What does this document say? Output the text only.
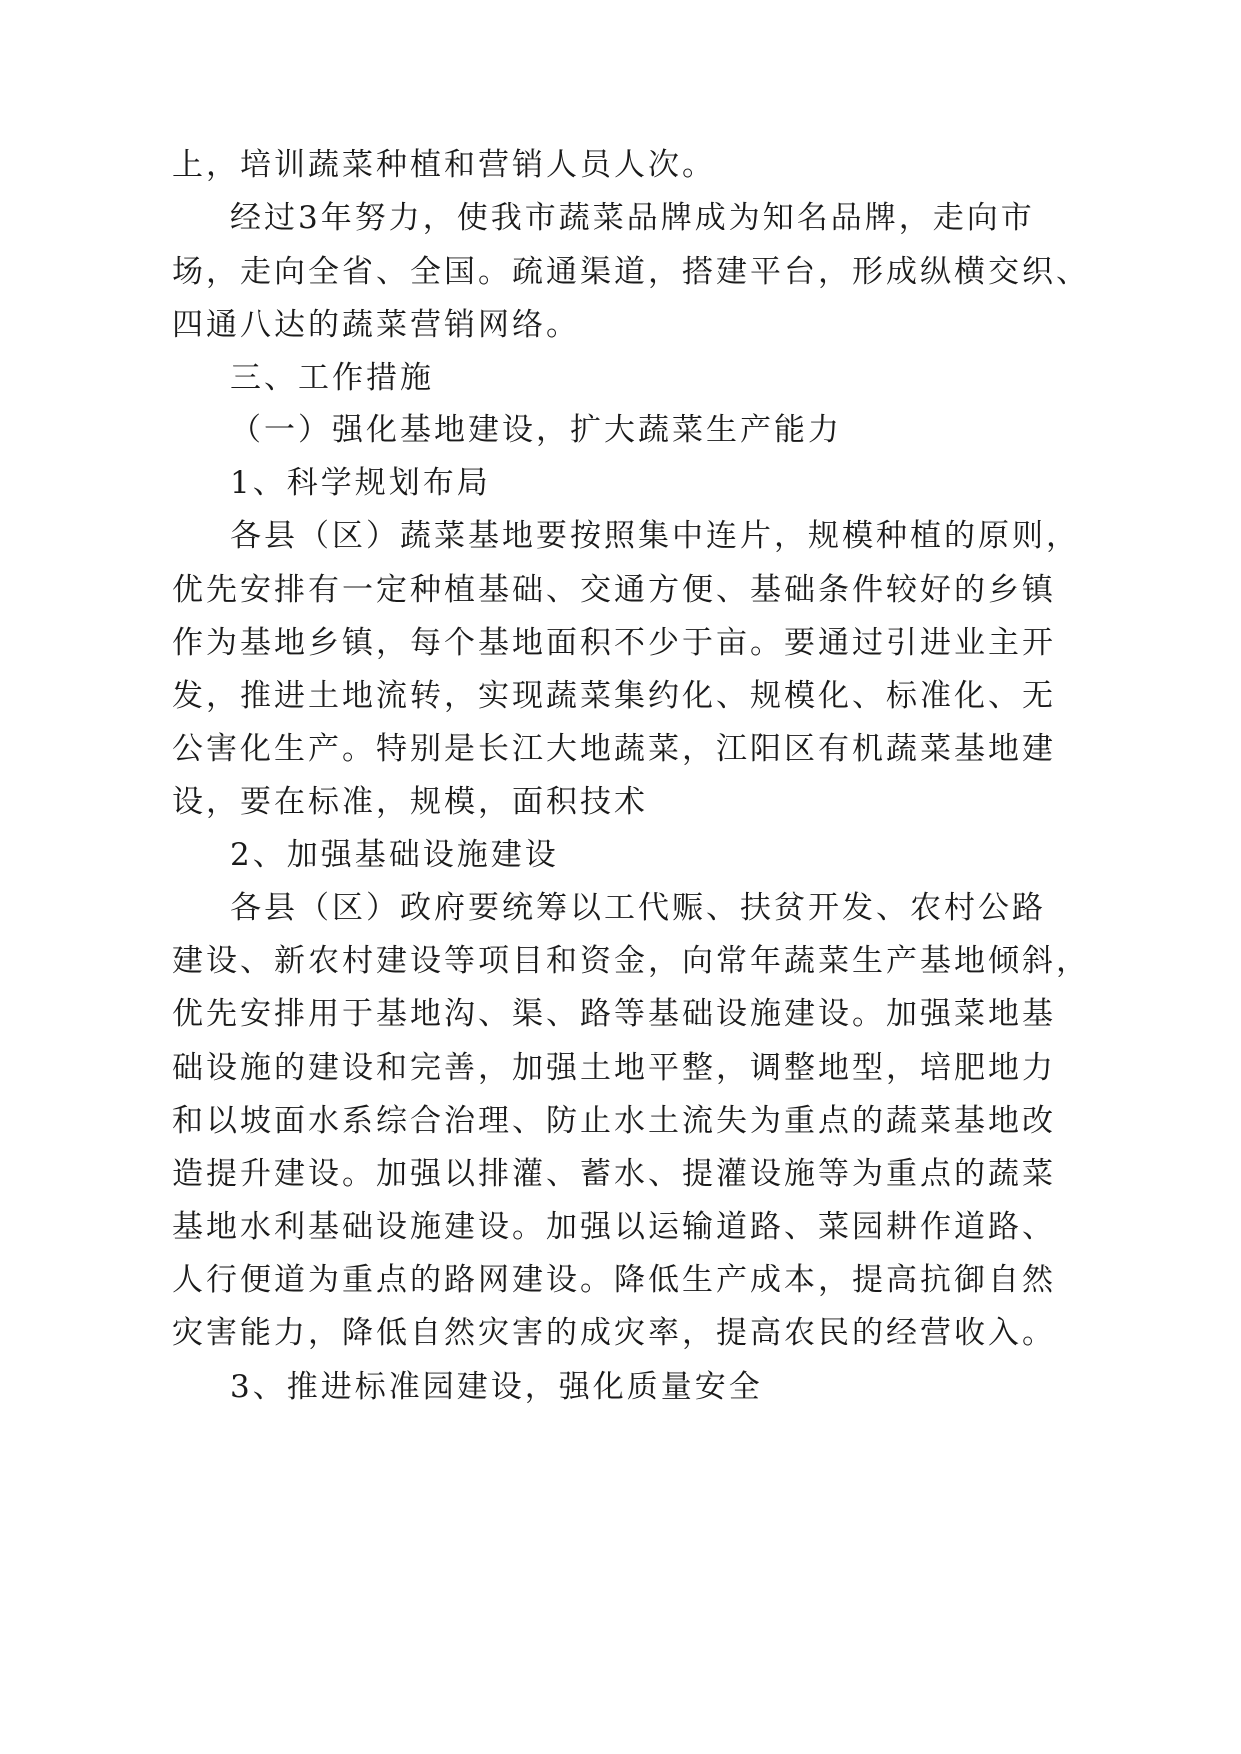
上，培训蔬菜种植和营销人员人次。
经过3年努力，使我市蔬菜品牌成为知名品牌，走向市
场，走向全省、全国。疏通渠道，搭建平台，形成纵横交织、
四通八达的蔬菜营销网络。
三、工作措施
（一）强化基地建设，扩大蔬菜生产能力
1、科学规划布局
各县（区）蔬菜基地要按照集中连片，规模种植的原则，
优先安排有一定种植基础、交通方便、基础条件较好的乡镇
作为基地乡镇，每个基地面积不少于亩。要通过引进业主开
发，推进土地流转，实现蔬菜集约化、规模化、标准化、无
公害化生产。特别是长江大地蔬菜，江阳区有机蔬菜基地建
设，要在标准，规模，面积技术
2、加强基础设施建设
各县（区）政府要统筹以工代赈、扶贫开发、农村公路
建设、新农村建设等项目和资金，向常年蔬菜生产基地倾斜，
优先安排用于基地沟、渠、路等基础设施建设。加强菜地基
础设施的建设和完善，加强土地平整，调整地型，培肥地力
和以坡面水系综合治理、防止水土流失为重点的蔬菜基地改
造提升建设。加强以排灌、蓄水、提灌设施等为重点的蔬菜
基地水利基础设施建设。加强以运输道路、菜园耕作道路、
人行便道为重点的路网建设。降低生产成本，提高抗御自然
灾害能力，降低自然灾害的成灾率，提高农民的经营收入。
3、推进标准园建设，强化质量安全
